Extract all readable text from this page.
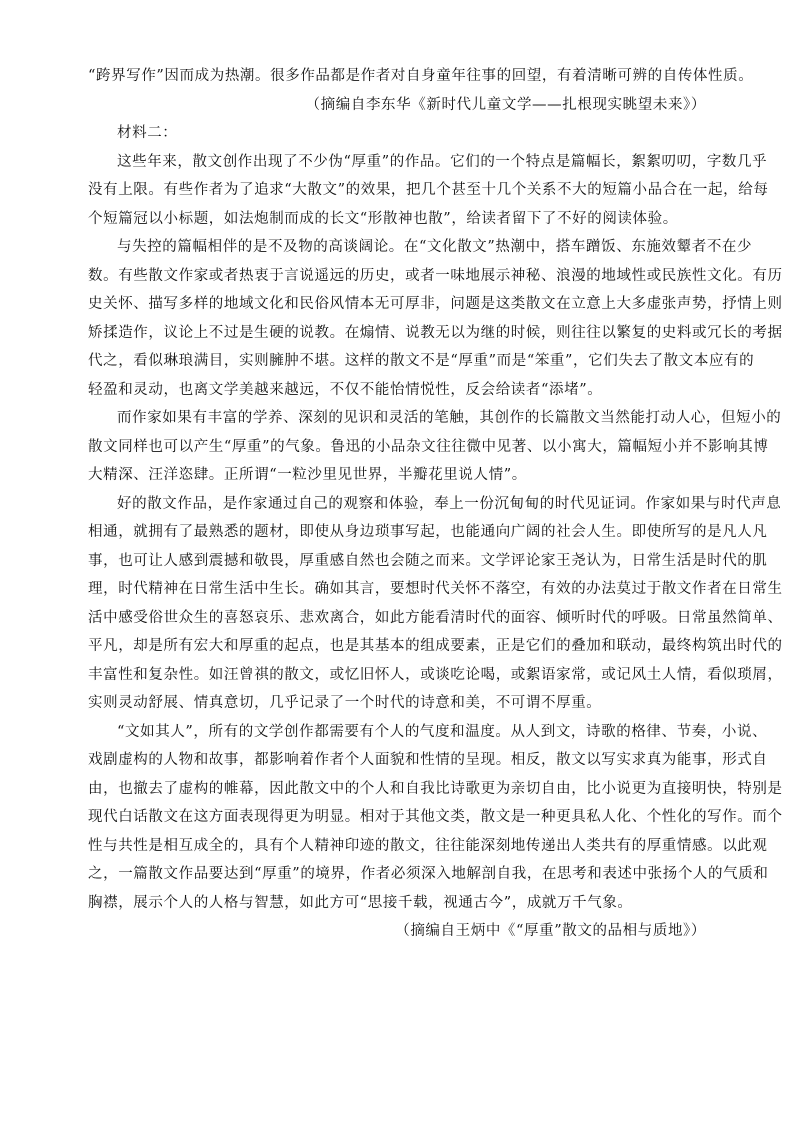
“跨界写作”因而成为热潮。很多作品都是作者对自身童年往事的回望，有着清晰可辨的自传体性质。
（摘编自李东华《新时代儿童文学——扎根现实眺望未来》）
材料二：
这些年来，散文创作出现了不少伪“厚重”的作品。它们的一个特点是篇幅长，絮絮叨叨，字数几乎
没有上限。有些作者为了追求“大散文”的效果，把几个甚至十几个关系不大的短篇小品合在一起，给每
个短篇冠以小标题，如法炮制而成的长文“形散神也散”，给读者留下了不好的阅读体验。
与失控的篇幅相伴的是不及物的高谈阔论。在“文化散文”热潮中，搭车蹭饭、东施效颦者不在少
数。有些散文作家或者热衷于言说遥远的历史，或者一味地展示神秘、浪漫的地域性或民族性文化。有历
史关怀、描写多样的地域文化和民俗风情本无可厚非，问题是这类散文在立意上大多虚张声势，抒情上则
矫揉造作，议论上不过是生硬的说教。在煽情、说教无以为继的时候，则往往以繁复的史料或冗长的考据
代之，看似琳琅满目，实则臃肿不堪。这样的散文不是“厚重”而是“笨重”，它们失去了散文本应有的
轻盈和灵动，也离文学美越来越远，不仅不能怡情悦性，反会给读者“添堵”。
而作家如果有丰富的学养、深刻的见识和灵活的笔触，其创作的长篇散文当然能打动人心，但短小的
散文同样也可以产生“厚重”的气象。鲁迅的小品杂文往往微中见著、以小寓大，篇幅短小并不影响其博
大精深、汪洋恣肆。正所谓“一粒沙里见世界，半瓣花里说人情”。
好的散文作品，是作家通过自己的观察和体验，奉上一份沉甸甸的时代见证词。作家如果与时代声息
相通，就拥有了最熟悉的题材，即使从身边琐事写起，也能通向广阔的社会人生。即使所写的是凡人凡
事，也可让人感到震撼和敬畏，厚重感自然也会随之而来。文学评论家王尧认为，日常生活是时代的肌
理，时代精神在日常生活中生长。确如其言，要想时代关怀不落空，有效的办法莫过于散文作者在日常生
活中感受俗世众生的喜怒哀乐、悲欢离合，如此方能看清时代的面容、倾听时代的呼吸。日常虽然简单、
平凡，却是所有宏大和厚重的起点，也是其基本的组成要素，正是它们的叠加和联动，最终构筑出时代的
丰富性和复杂性。如汪曾祺的散文，或忆旧怀人，或谈吃论喝，或絮语家常，或记风土人情，看似琐屑，
实则灵动舒展、情真意切，几乎记录了一个时代的诗意和美，不可谓不厚重。
“文如其人”，所有的文学创作都需要有个人的气度和温度。从人到文，诗歌的格律、节奏，小说、
戏剧虚构的人物和故事，都影响着作者个人面貌和性情的呈现。相反，散文以写实求真为能事，形式自
由，也撤去了虚构的帷幕，因此散文中的个人和自我比诗歌更为亲切自由，比小说更为直接明快，特别是
现代白话散文在这方面表现得更为明显。相对于其他文类，散文是一种更具私人化、个性化的写作。而个
性与共性是相互成全的，具有个人精神印迹的散文，往往能深刻地传递出人类共有的厚重情感。以此观
之，一篇散文作品要达到“厚重”的境界，作者必须深入地解剖自我，在思考和表述中张扬个人的气质和
胸襟，展示个人的人格与智慧，如此方可“思接千载，视通古今”，成就万千气象。
（摘编自王炳中《“厚重”散文的品相与质地》）
